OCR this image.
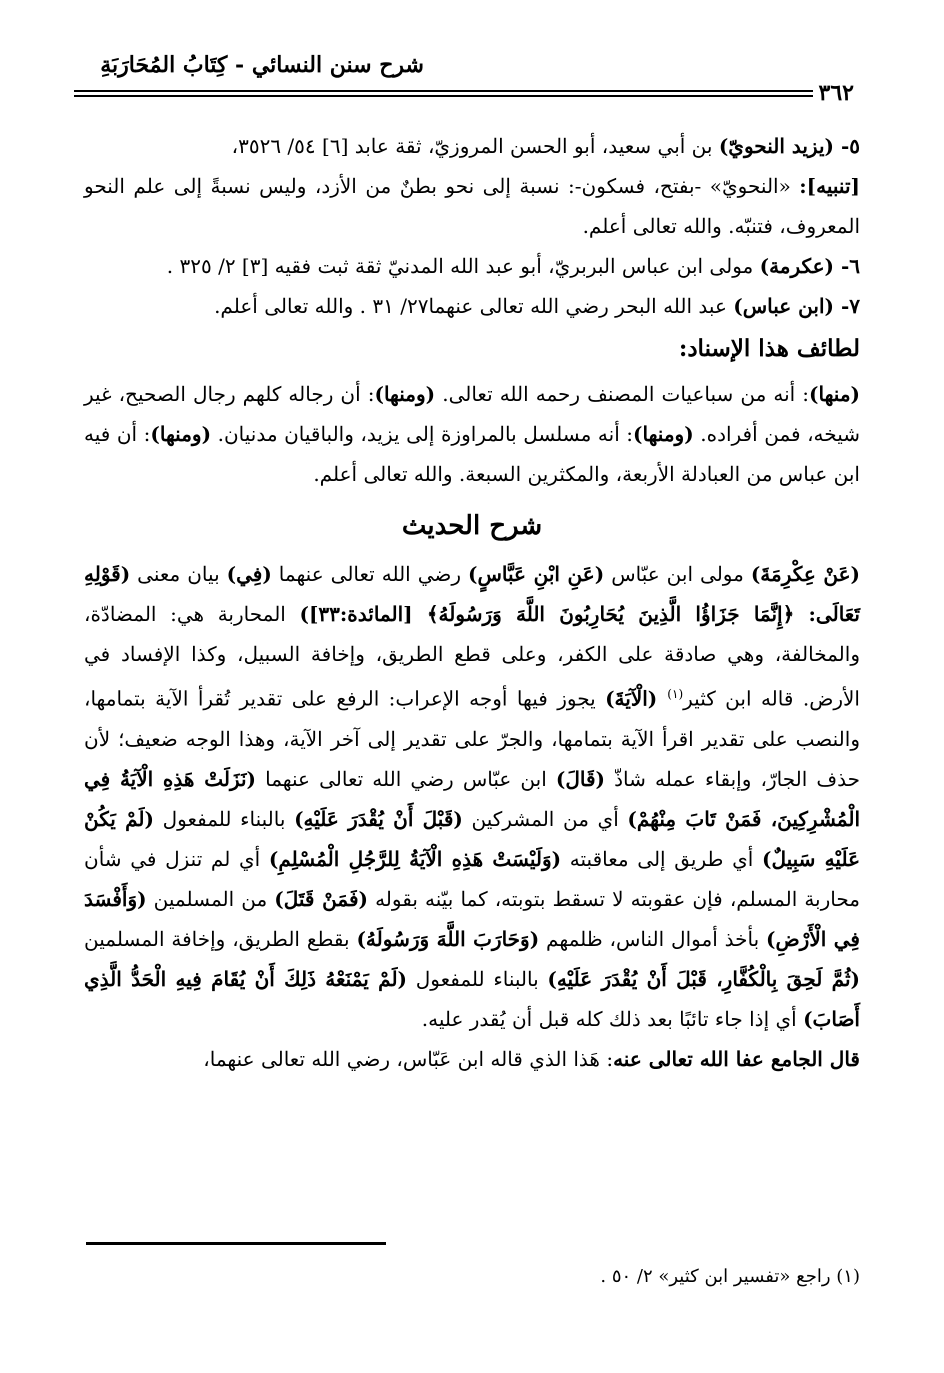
شرح سنن النسائي - كِتَابُ المُحَارَبَةِ
٣٦٢

٥- (يزيد النحويّ) بن أبي سعيد، أبو الحسن المروزيّ، ثقة عابد [٦] ٥٤/ ٣٥٢٦،

[تنبيه]: «النحويّ» -بفتح، فسكون-: نسبة إلى نحو بطنٌ من الأزد، وليس نسبةً إلى علم النحو المعروف، فتنبّه. والله تعالى أعلم.

٦- (عكرمة) مولى ابن عباس البربريّ، أبو عبد الله المدنيّ ثقة ثبت فقيه [٣] ٢/ ٣٢٥ .

٧- (ابن عباس) عبد الله البحر رضي الله تعالى عنهما٢٧/ ٣١ . والله تعالى أعلم.

لطائف هذا الإسناد:

(منها): أنه من سباعيات المصنف رحمه الله تعالى. (ومنها): أن رجاله كلهم رجال الصحيح، غير شيخه، فمن أفراده. (ومنها): أنه مسلسل بالمراوزة إلى يزيد، والباقيان مدنيان. (ومنها): أن فيه ابن عباس من العبادلة الأربعة، والمكثرين السبعة. والله تعالى أعلم.

شرح الحديث

(عَنْ عِكْرِمَةَ) مولى ابن عبّاس (عَنِ ابْنِ عَبَّاسٍ) رضي الله تعالى عنهما (فِي) بيان معنى (قَوْلِهِ تَعَالَى: ﴿إِنَّمَا جَزَاؤُا الَّذِينَ يُحَارِبُونَ اللَّهَ وَرَسُولَهُ﴾ [المائدة:٣٣]) المحاربة هي: المضادّة، والمخالفة، وهي صادقة على الكفر، وعلى قطع الطريق، وإخافة السبيل، وكذا الإفساد في الأرض. قاله ابن كثير$^{(١)}$ (الْآيَةَ) يجوز فيها أوجه الإعراب: الرفع على تقدير تُقرأ الآية بتمامها، والنصب على تقدير اقرأ الآية بتمامها، والجرّ على تقدير إلى آخر الآية، وهذا الوجه ضعيف؛ لأن حذف الجارّ، وإبقاء عمله شاذّ (قَالَ) ابن عبّاس رضي الله تعالى عنهما (نَزَلَتْ هَذِهِ الْآيَةُ فِي الْمُشْرِكِينَ، فَمَنْ تَابَ مِنْهُمْ) أي من المشركين (قَبْلَ أَنْ يُقْدَرَ عَلَيْهِ) بالبناء للمفعول (لَمْ يَكُنْ عَلَيْهِ سَبِيلٌ) أي طريق إلى معاقبته (وَلَيْسَتْ هَذِهِ الْآيَةُ لِلرَّجُلِ الْمُسْلِمِ) أي لم تنزل في شأن محاربة المسلم، فإن عقوبته لا تسقط بتوبته، كما بيّنه بقوله (فَمَنْ قَتَلَ) من المسلمين (وَأَفْسَدَ فِي الْأَرْضِ) بأخذ أموال الناس، ظلمهم (وَحَارَبَ اللَّهَ وَرَسُولَهُ) بقطع الطريق، وإخافة المسلمين (ثُمَّ لَحِقَ بِالْكُفَّارِ، قَبْلَ أَنْ يُقْدَرَ عَلَيْهِ) بالبناء للمفعول (لَمْ يَمْنَعْهُ ذَلِكَ أَنْ يُقَامَ فِيهِ الْحَدُّ الَّذِي أَصَابَ) أي إذا جاء تائبًا بعد ذلك كله قبل أن يُقدر عليه.

قال الجامع عفا الله تعالى عنه: هَذا الذي قاله ابن عَبّاس، رضي الله تعالى عنهما،

(١) راجع «تفسير ابن كثير» ٢/ ٥٠ .
